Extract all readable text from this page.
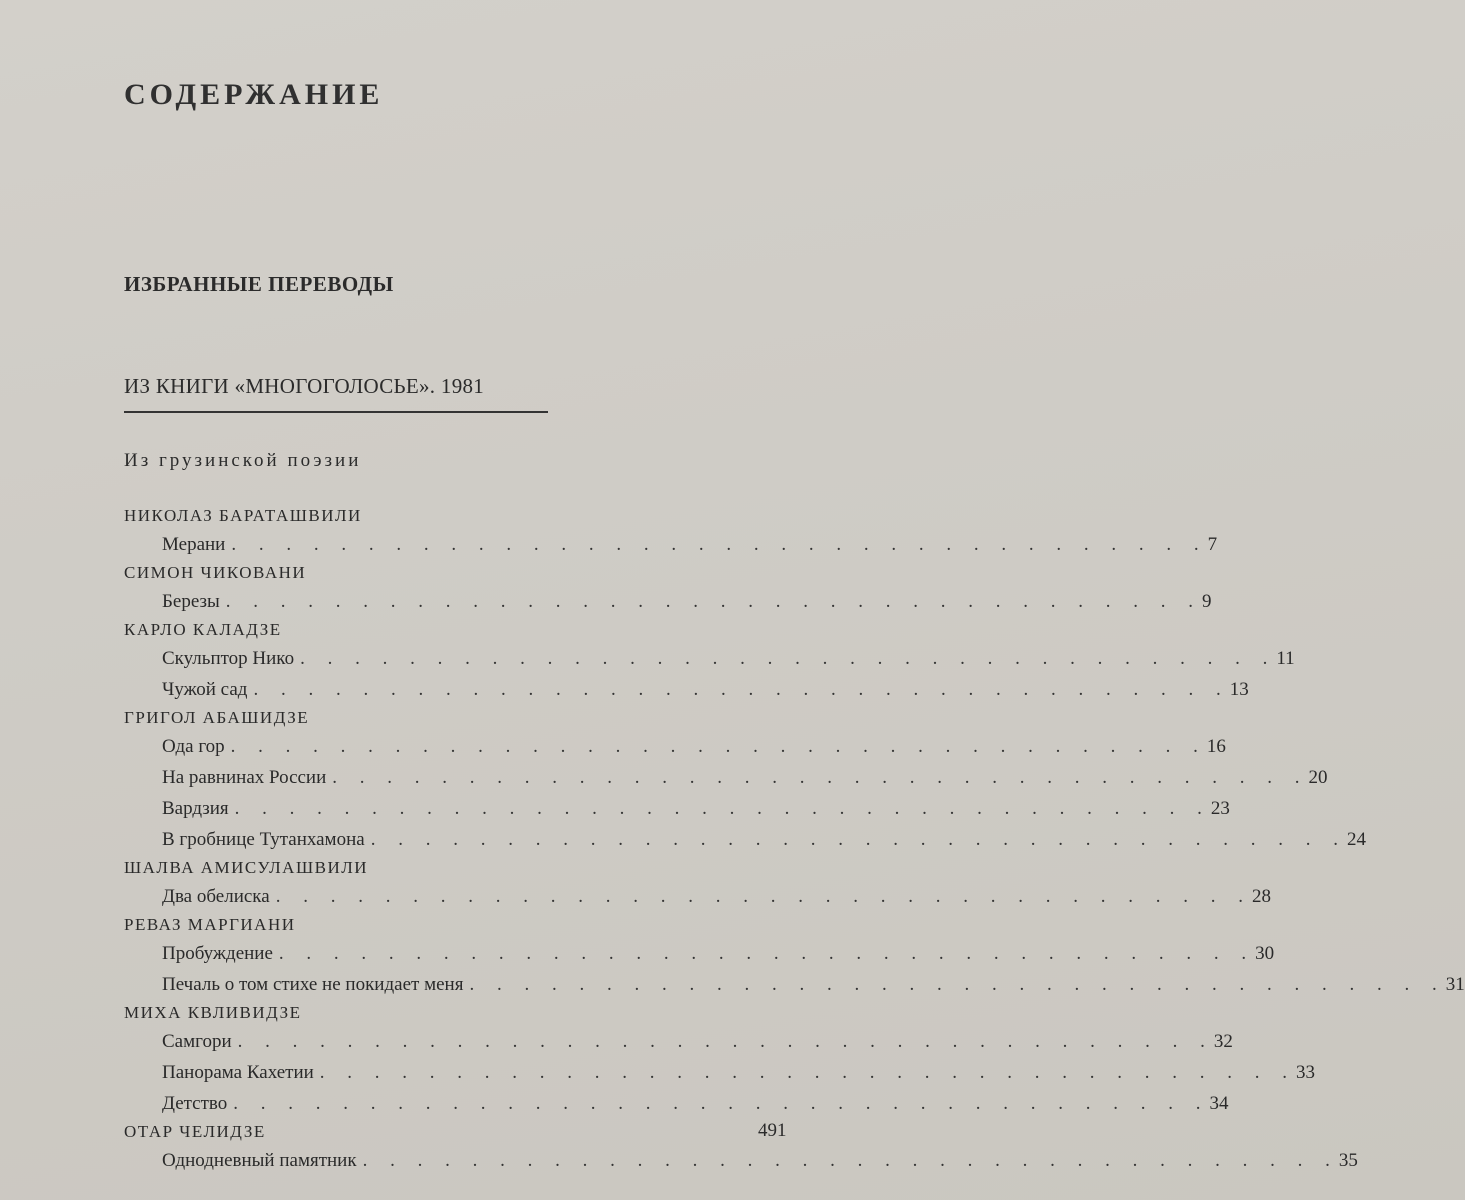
СОДЕРЖАНИЕ
ИЗБРАННЫЕ ПЕРЕВОДЫ
ИЗ КНИГИ «МНОГОГОЛОСЬЕ». 1981
Из грузинской поэзии
НИКОЛАЗ БАРАТАШВИЛИ
Мерани . . . . . . . . . . . . . . . . . . . . . . . . . . . . . . . . . . . . 7
СИМОН ЧИКОВАНИ
Березы . . . . . . . . . . . . . . . . . . . . . . . . . . . . . . . . . . . . 9
КАРЛО КАЛАДЗЕ
Скульптор Нико . . . . . . . . . . . . . . . . . . . . . . . . . . . . . . . . . . . . 11
Чужой сад . . . . . . . . . . . . . . . . . . . . . . . . . . . . . . . . . . . . 13
ГРИГОЛ АБАШИДЗЕ
Ода гор . . . . . . . . . . . . . . . . . . . . . . . . . . . . . . . . . . . . 16
На равнинах России . . . . . . . . . . . . . . . . . . . . . . . . . . . . . . . . . . . . 20
Вардзия . . . . . . . . . . . . . . . . . . . . . . . . . . . . . . . . . . . . 23
В гробнице Тутанхамона . . . . . . . . . . . . . . . . . . . . . . . . . . . . . . . . . . . . 24
ШАЛВА АМИСУЛАШВИЛИ
Два обелиска . . . . . . . . . . . . . . . . . . . . . . . . . . . . . . . . . . . . 28
РЕВАЗ МАРГИАНИ
Пробуждение . . . . . . . . . . . . . . . . . . . . . . . . . . . . . . . . . . . . 30
Печаль о том стихе не покидает меня . . . . . . . . . . . . . . . . . . . . . . . . . . . . . . . . . . . . 31
МИХА КВЛИВИДЗЕ
Самгори . . . . . . . . . . . . . . . . . . . . . . . . . . . . . . . . . . . . 32
Панорама Кахетии . . . . . . . . . . . . . . . . . . . . . . . . . . . . . . . . . . . . 33
Детство . . . . . . . . . . . . . . . . . . . . . . . . . . . . . . . . . . . . 34
ОТАР ЧЕЛИДЗЕ
Однодневный памятник . . . . . . . . . . . . . . . . . . . . . . . . . . . . . . . . . . . . 35
491
